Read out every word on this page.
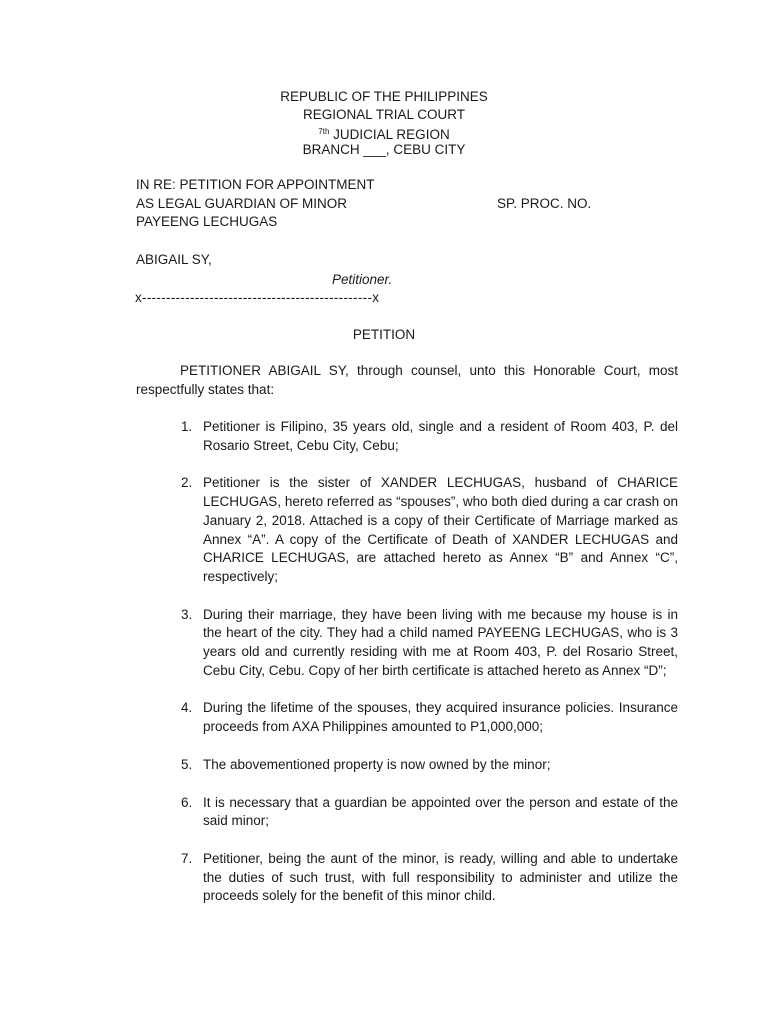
REPUBLIC OF THE PHILIPPINES
REGIONAL TRIAL COURT
$^{7th}$ JUDICIAL REGION
BRANCH ___, CEBU CITY
IN RE: PETITION FOR APPOINTMENT
AS LEGAL GUARDIAN OF MINOR	SP. PROC. NO.
PAYEENG LECHUGAS
ABIGAIL SY,
Petitioner.
x------------------------------------------------x
PETITION
PETITIONER ABIGAIL SY, through counsel, unto this Honorable Court, most respectfully states that:
1. Petitioner is Filipino, 35 years old, single and a resident of Room 403, P. del Rosario Street, Cebu City, Cebu;
2. Petitioner is the sister of XANDER LECHUGAS, husband of CHARICE LECHUGAS, hereto referred as “spouses”, who both died during a car crash on January 2, 2018. Attached is a copy of their Certificate of Marriage marked as Annex “A”. A copy of the Certificate of Death of XANDER LECHUGAS and CHARICE LECHUGAS, are attached hereto as Annex “B” and Annex “C”, respectively;
3. During their marriage, they have been living with me because my house is in the heart of the city. They had a child named PAYEENG LECHUGAS, who is 3 years old and currently residing with me at Room 403, P. del Rosario Street, Cebu City, Cebu. Copy of her birth certificate is attached hereto as Annex “D”;
4. During the lifetime of the spouses, they acquired insurance policies. Insurance proceeds from AXA Philippines amounted to P1,000,000;
5. The abovementioned property is now owned by the minor;
6. It is necessary that a guardian be appointed over the person and estate of the said minor;
7. Petitioner, being the aunt of the minor, is ready, willing and able to undertake the duties of such trust, with full responsibility to administer and utilize the proceeds solely for the benefit of this minor child.
